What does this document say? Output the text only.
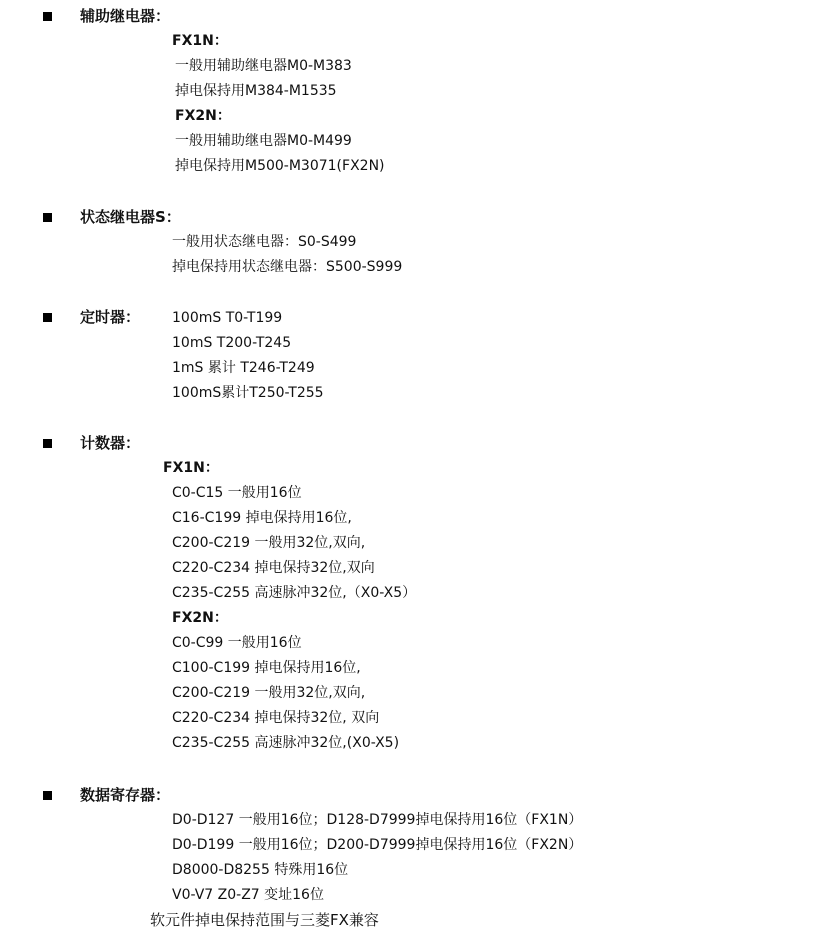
辅助继电器：
FX1N：
一般用辅助继电器M0-M383
掉电保持用M384-M1535
FX2N：
一般用辅助继电器M0-M499
掉电保持用M500-M3071(FX2N)
状态继电器S：
一般用状态继电器：S0-S499
掉电保持用状态继电器：S500-S999
定时器： 100mS T0-T199
10mS T200-T245
1mS 累计 T246-T249
100mS累计T250-T255
计数器：
FX1N：
C0-C15 一般用16位
C16-C199 掉电保持用16位,
C200-C219 一般用32位,双向,
C220-C234 掉电保持32位,双向
C235-C255 高速脉冲32位,（X0-X5）
FX2N：
C0-C99 一般用16位
C100-C199 掉电保持用16位,
C200-C219 一般用32位,双向,
C220-C234 掉电保持32位, 双向
C235-C255 高速脉冲32位,(X0-X5)
数据寄存器：
D0-D127 一般用16位；D128-D7999掉电保持用16位（FX1N）
D0-D199 一般用16位；D200-D7999掉电保持用16位（FX2N）
D8000-D8255 特殊用16位
V0-V7 Z0-Z7 变址16位
软元件掉电保持范围与三菱FX兼容
